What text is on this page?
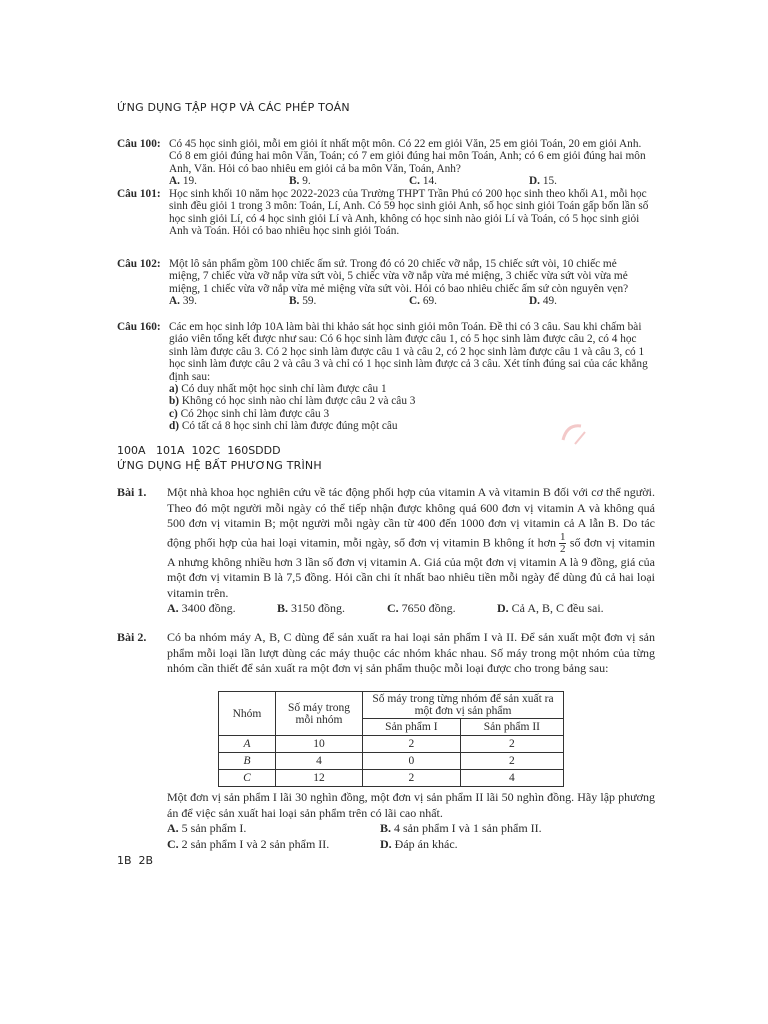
ỨNG DỤNG TẬP HỢP VÀ CÁC PHÉP TOÁN
Câu 100: Có 45 học sinh giỏi, mỗi em giỏi ít nhất một môn. Có 22 em giỏi Văn, 25 em giỏi Toán, 20 em giỏi Anh. Có 8 em giỏi đúng hai môn Văn, Toán; có 7 em giỏi đúng hai môn Toán, Anh; có 6 em giỏi đúng hai môn Anh, Văn. Hỏi có bao nhiêu em giỏi cả ba môn Văn, Toán, Anh?
A. 19.	B. 9.	C. 14.	D. 15.
Câu 101: Học sinh khối 10 năm học 2022-2023 của Trường THPT Trần Phú có 200 học sinh theo khối A1, mỗi học sinh đều giỏi 1 trong 3 môn: Toán, Lí, Anh. Có 59 học sinh giỏi Anh, số học sinh giỏi Toán gấp bốn lần số học sinh giỏi Lí, có 4 học sinh giỏi Lí và Anh, không có học sinh nào giỏi Lí và Toán, có 5 học sinh giỏi Anh và Toán. Hỏi có bao nhiêu học sinh giỏi Toán.
Câu 102: Một lô sản phẩm gồm 100 chiếc ấm sứ. Trong đó có 20 chiếc vỡ nắp, 15 chiếc sứt vòi, 10 chiếc mẻ miệng, 7 chiếc vừa vỡ nắp vừa sứt vòi, 5 chiếc vừa vỡ nắp vừa mẻ miệng, 3 chiếc vừa sứt vòi vừa mẻ miệng, 1 chiếc vừa vỡ nắp vừa mẻ miệng vừa sứt vòi. Hỏi có bao nhiêu chiếc ấm sứ còn nguyên vẹn?
A. 39.	B. 59.	C. 69.	D. 49.
Câu 160: Các em học sinh lớp 10A làm bài thi khảo sát học sinh giỏi môn Toán. Đề thi có 3 câu. Sau khi chấm bài giáo viên tổng kết được như sau: Có 6 học sinh làm được câu 1, có 5 học sinh làm được câu 2, có 4 học sinh làm được câu 3. Có 2 học sinh làm được câu 1 và câu 2, có 2 học sinh làm được câu 1 và câu 3, có 1 học sinh làm được câu 2 và câu 3 và chỉ có 1 học sinh làm được cả 3 câu. Xét tính đúng sai của các khẳng định sau:
a) Có duy nhất một học sinh chỉ làm được câu 1
b) Không có học sinh nào chỉ làm được câu 2 và câu 3
c) Có 2học sinh chỉ làm được câu 3
d) Có tất cả 8 học sinh chỉ làm được đúng một câu
100A   101A  102C  160SDDD
ỨNG DỤNG HỆ BẤT PHƯƠNG TRÌNH
Bài 1. Một nhà khoa học nghiên cứu về tác động phối hợp của vitamin A và vitamin B đối với cơ thể người. Theo đó một người mỗi ngày có thể tiếp nhận được không quá 600 đơn vị vitamin A và không quá 500 đơn vị vitamin B; một người mỗi ngày cần từ 400 đến 1000 đơn vị vitamin cả A lẫn B. Do tác động phối hợp của hai loại vitamin, mỗi ngày, số đơn vị vitamin B không ít hơn $\frac{1}{2}$ số đơn vị vitamin A nhưng không nhiều hơn 3 lần số đơn vị vitamin A. Giá của một đơn vị vitamin A là 9 đồng, giá của một đơn vị vitamin B là 7,5 đồng. Hỏi cần chi ít nhất bao nhiêu tiền mỗi ngày để dùng đủ cả hai loại vitamin trên.
A. 3400 đồng.	B. 3150 đồng.	C. 7650 đồng.	D. Cả A, B, C đều sai.
Bài 2. Có ba nhóm máy A, B, C dùng để sản xuất ra hai loại sản phẩm I và II. Để sản xuất một đơn vị sản phẩm mỗi loại lần lượt dùng các máy thuộc các nhóm khác nhau. Số máy trong một nhóm của từng nhóm cần thiết để sản xuất ra một đơn vị sản phẩm thuộc mỗi loại được cho trong bảng sau:
Nhóm	Số máy trong mỗi nhóm	Số máy trong từng nhóm để sản xuất ra một đơn vị sản phẩm	
		Sản phẩm I	Sản phẩm II
A	10	2	2
B	4	0	2
C	12	2	4
Một đơn vị sản phẩm I lãi 30 nghìn đồng, một đơn vị sản phẩm II lãi 50 nghìn đồng. Hãy lập phương án để việc sản xuất hai loại sản phẩm trên có lãi cao nhất.
A. 5 sản phẩm I.	B. 4 sản phẩm I và 1 sản phẩm II.
C. 2 sản phẩm I và 2 sản phẩm II.	D. Đáp án khác.
1B  2B
